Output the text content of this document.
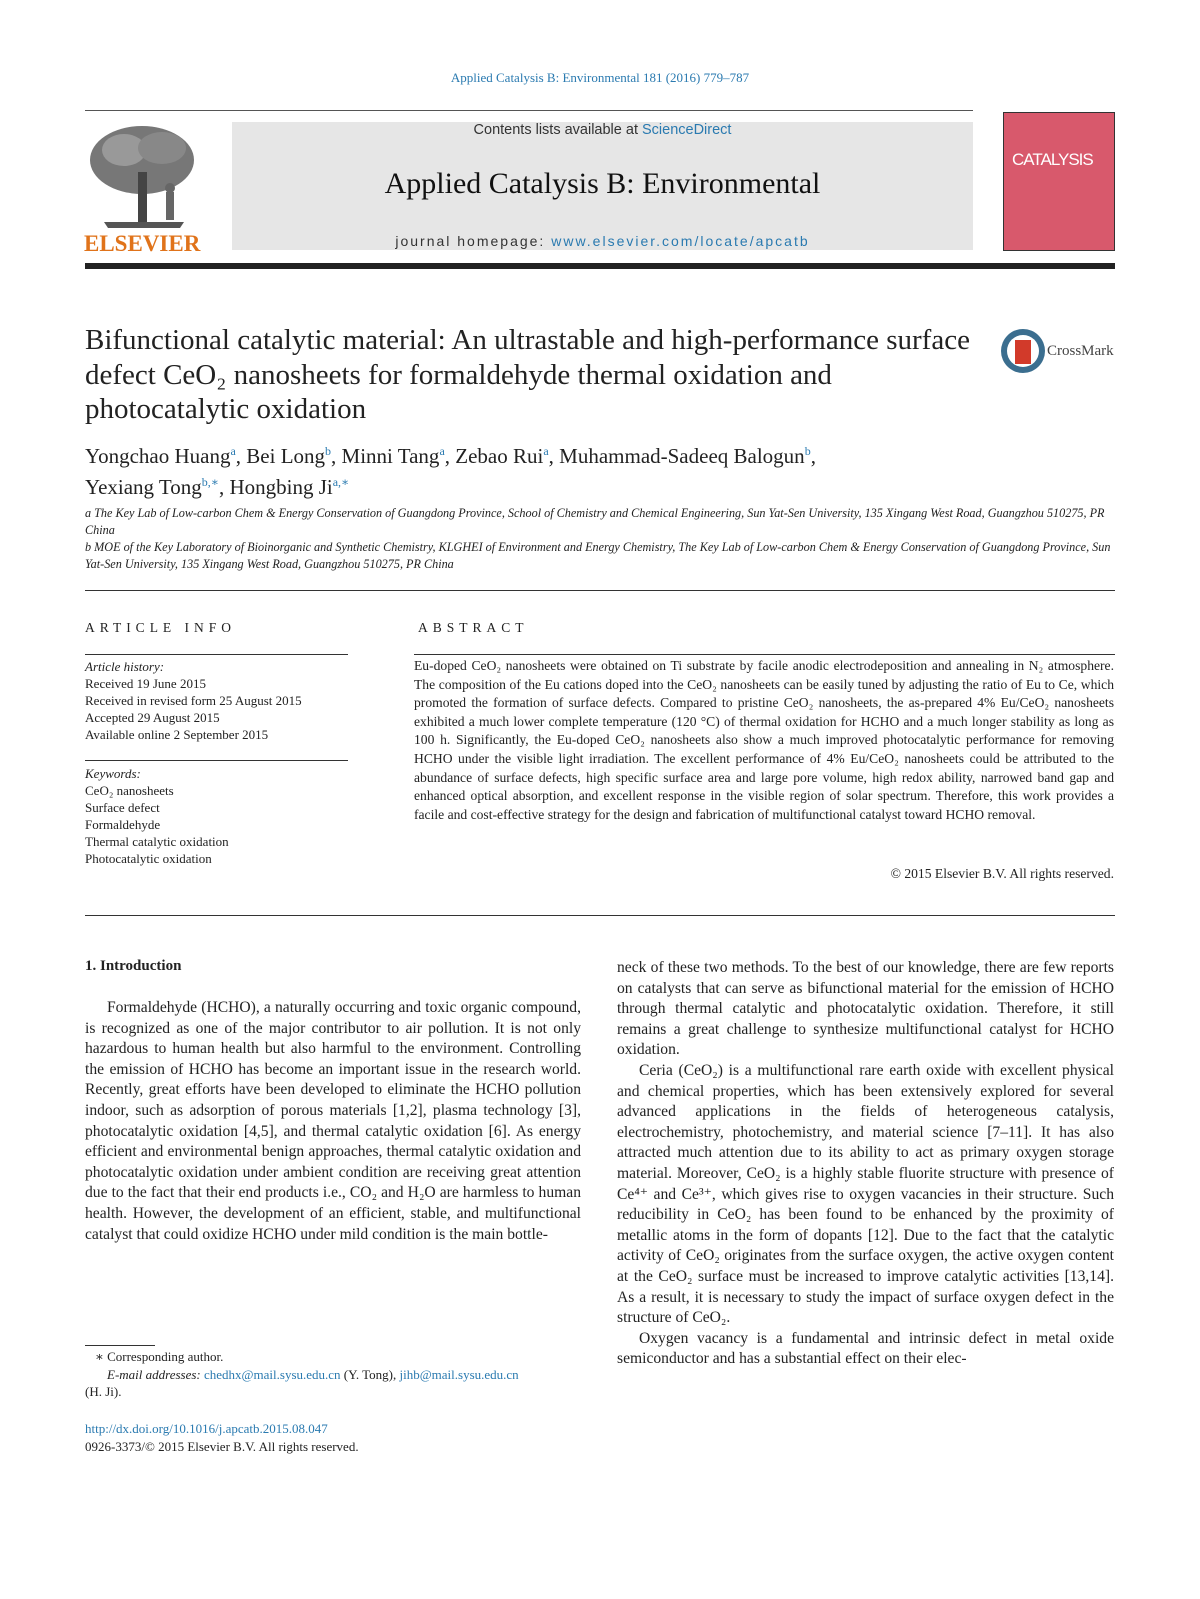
Applied Catalysis B: Environmental 181 (2016) 779–787
ELSEVIER
Contents lists available at ScienceDirect
Applied Catalysis B: Environmental
journal homepage: www.elsevier.com/locate/apcatb
CATALYSIS
Bifunctional catalytic material: An ultrastable and high-performance surface defect CeO₂ nanosheets for formaldehyde thermal oxidation and photocatalytic oxidation
CrossMark
Yongchao Huang$^a$, Bei Long$^b$, Minni Tang$^a$, Zebao Rui$^a$, Muhammad-Sadeeq Balogun$^b$,
Yexiang Tong$^{b,∗}$, Hongbing $Ji^{a,∗}$
a The Key Lab of Low-carbon Chem & Energy Conservation of Guangdong Province, School of Chemistry and Chemical Engineering, Sun Yat-Sen University, 135 Xingang West Road, Guangzhou 510275, PR China
b MOE of the Key Laboratory of Bioinorganic and Synthetic Chemistry, KLGHEI of Environment and Energy Chemistry, The Key Lab of Low-carbon Chem & Energy Conservation of Guangdong Province, Sun Yat-Sen University, 135 Xingang West Road, Guangzhou 510275, PR China
ARTICLE INFO
Article history:
Received 19 June 2015
Received in revised form 25 August 2015
Accepted 29 August 2015
Available online 2 September 2015
Keywords:
CeO₂ nanosheets
Surface defect
Formaldehyde
Thermal catalytic oxidation
Photocatalytic oxidation
ABSTRACT
Eu-doped CeO₂ nanosheets were obtained on Ti substrate by facile anodic electrodeposition and annealing in N₂ atmosphere. The composition of the Eu cations doped into the CeO₂ nanosheets can be easily tuned by adjusting the ratio of Eu to Ce, which promoted the formation of surface defects. Compared to pristine CeO₂ nanosheets, the as-prepared 4% Eu/CeO₂ nanosheets exhibited a much lower complete temperature (120 °C) of thermal oxidation for HCHO and a much longer stability as long as 100 h. Significantly, the Eu-doped CeO₂ nanosheets also show a much improved photocatalytic performance for removing HCHO under the visible light irradiation. The excellent performance of 4% Eu/CeO₂ nanosheets could be attributed to the abundance of surface defects, high specific surface area and large pore volume, high redox ability, narrowed band gap and enhanced optical absorption, and excellent response in the visible region of solar spectrum. Therefore, this work provides a facile and cost-effective strategy for the design and fabrication of multifunctional catalyst toward HCHO removal.
© 2015 Elsevier B.V. All rights reserved.
1. Introduction

Formaldehyde (HCHO), a naturally occurring and toxic organic compound, is recognized as one of the major contributor to air pollution. It is not only hazardous to human health but also harmful to the environment. Controlling the emission of HCHO has become an important issue in the research world. Recently, great efforts have been developed to eliminate the HCHO pollution indoor, such as adsorption of porous materials [1,2], plasma technology [3], photocatalytic oxidation [4,5], and thermal catalytic oxidation [6]. As energy efficient and environmental benign approaches, thermal catalytic oxidation and photocatalytic oxidation under ambient condition are receiving great attention due to the fact that their end products i.e., CO₂ and H₂O are harmless to human health. However, the development of an efficient, stable, and multifunctional catalyst that could oxidize HCHO under mild condition is the main bottle-

neck of these two methods. To the best of our knowledge, there are few reports on catalysts that can serve as bifunctional material for the emission of HCHO through thermal catalytic and photocatalytic oxidation. Therefore, it still remains a great challenge to synthesize multifunctional catalyst for HCHO oxidation.

Ceria (CeO₂) is a multifunctional rare earth oxide with excellent physical and chemical properties, which has been extensively explored for several advanced applications in the fields of heterogeneous catalysis, electrochemistry, photochemistry, and material science [7–11]. It has also attracted much attention due to its ability to act as primary oxygen storage material. Moreover, CeO₂ is a highly stable fluorite structure with presence of Ce⁴⁺ and Ce³⁺, which gives rise to oxygen vacancies in their structure. Such reducibility in CeO₂ has been found to be enhanced by the proximity of metallic atoms in the form of dopants [12]. Due to the fact that the catalytic activity of CeO₂ originates from the surface oxygen, the active oxygen content at the CeO₂ surface must be increased to improve catalytic activities [13,14]. As a result, it is necessary to study the impact of surface oxygen defect in the structure of CeO₂.

Oxygen vacancy is a fundamental and intrinsic defect in metal oxide semiconductor and has a substantial effect on their elec-

∗ Corresponding author.
E-mail addresses: chedhx@mail.sysu.edu.cn (Y. Tong), jihb@mail.sysu.edu.cn
(H. Ji).
http://dx.doi.org/10.1016/j.apcatb.2015.08.047
0926-3373/© 2015 Elsevier B.V. All rights reserved.
